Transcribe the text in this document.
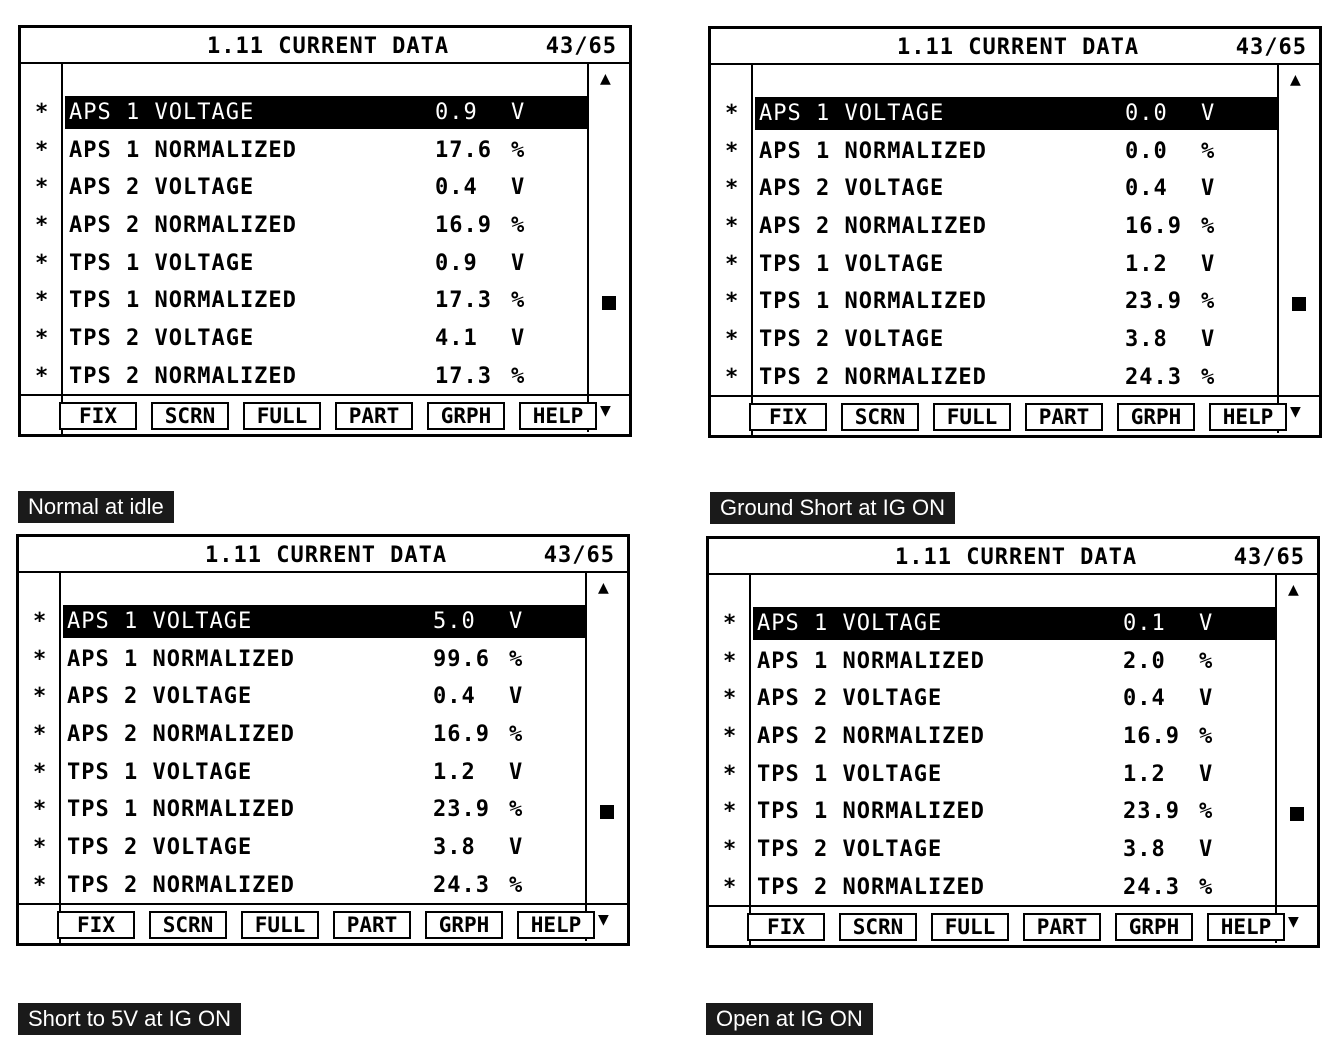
1.11 CURRENT DATA	43/65
* APS 1 VOLTAGE	0.9 V
* APS 1 NORMALIZED	17.6 %
* APS 2 VOLTAGE	0.4 V
* APS 2 NORMALIZED	16.9 %
* TPS 1 VOLTAGE	0.9 V
* TPS 1 NORMALIZED	17.3 %
* TPS 2 VOLTAGE	4.1 V
* TPS 2 NORMALIZED	17.3 %
▲
▼
FIX	SCRN	FULL	PART	GRPH	HELP
Normal at idle
1.11 CURRENT DATA	43/65
* APS 1 VOLTAGE	0.0 V
* APS 1 NORMALIZED	0.0 %
* APS 2 VOLTAGE	0.4 V
* APS 2 NORMALIZED	16.9 %
* TPS 1 VOLTAGE	1.2 V
* TPS 1 NORMALIZED	23.9 %
* TPS 2 VOLTAGE	3.8 V
* TPS 2 NORMALIZED	24.3 %
▲
▼
FIX	SCRN	FULL	PART	GRPH	HELP
Ground Short at IG ON
1.11 CURRENT DATA	43/65
* APS 1 VOLTAGE	5.0 V
* APS 1 NORMALIZED	99.6 %
* APS 2 VOLTAGE	0.4 V
* APS 2 NORMALIZED	16.9 %
* TPS 1 VOLTAGE	1.2 V
* TPS 1 NORMALIZED	23.9 %
* TPS 2 VOLTAGE	3.8 V
* TPS 2 NORMALIZED	24.3 %
▲
▼
FIX	SCRN	FULL	PART	GRPH	HELP
Short to 5V at IG ON
1.11 CURRENT DATA	43/65
* APS 1 VOLTAGE	0.1 V
* APS 1 NORMALIZED	2.0 %
* APS 2 VOLTAGE	0.4 V
* APS 2 NORMALIZED	16.9 %
* TPS 1 VOLTAGE	1.2 V
* TPS 1 NORMALIZED	23.9 %
* TPS 2 VOLTAGE	3.8 V
* TPS 2 NORMALIZED	24.3 %
▲
▼
FIX	SCRN	FULL	PART	GRPH	HELP
Open at IG ON
